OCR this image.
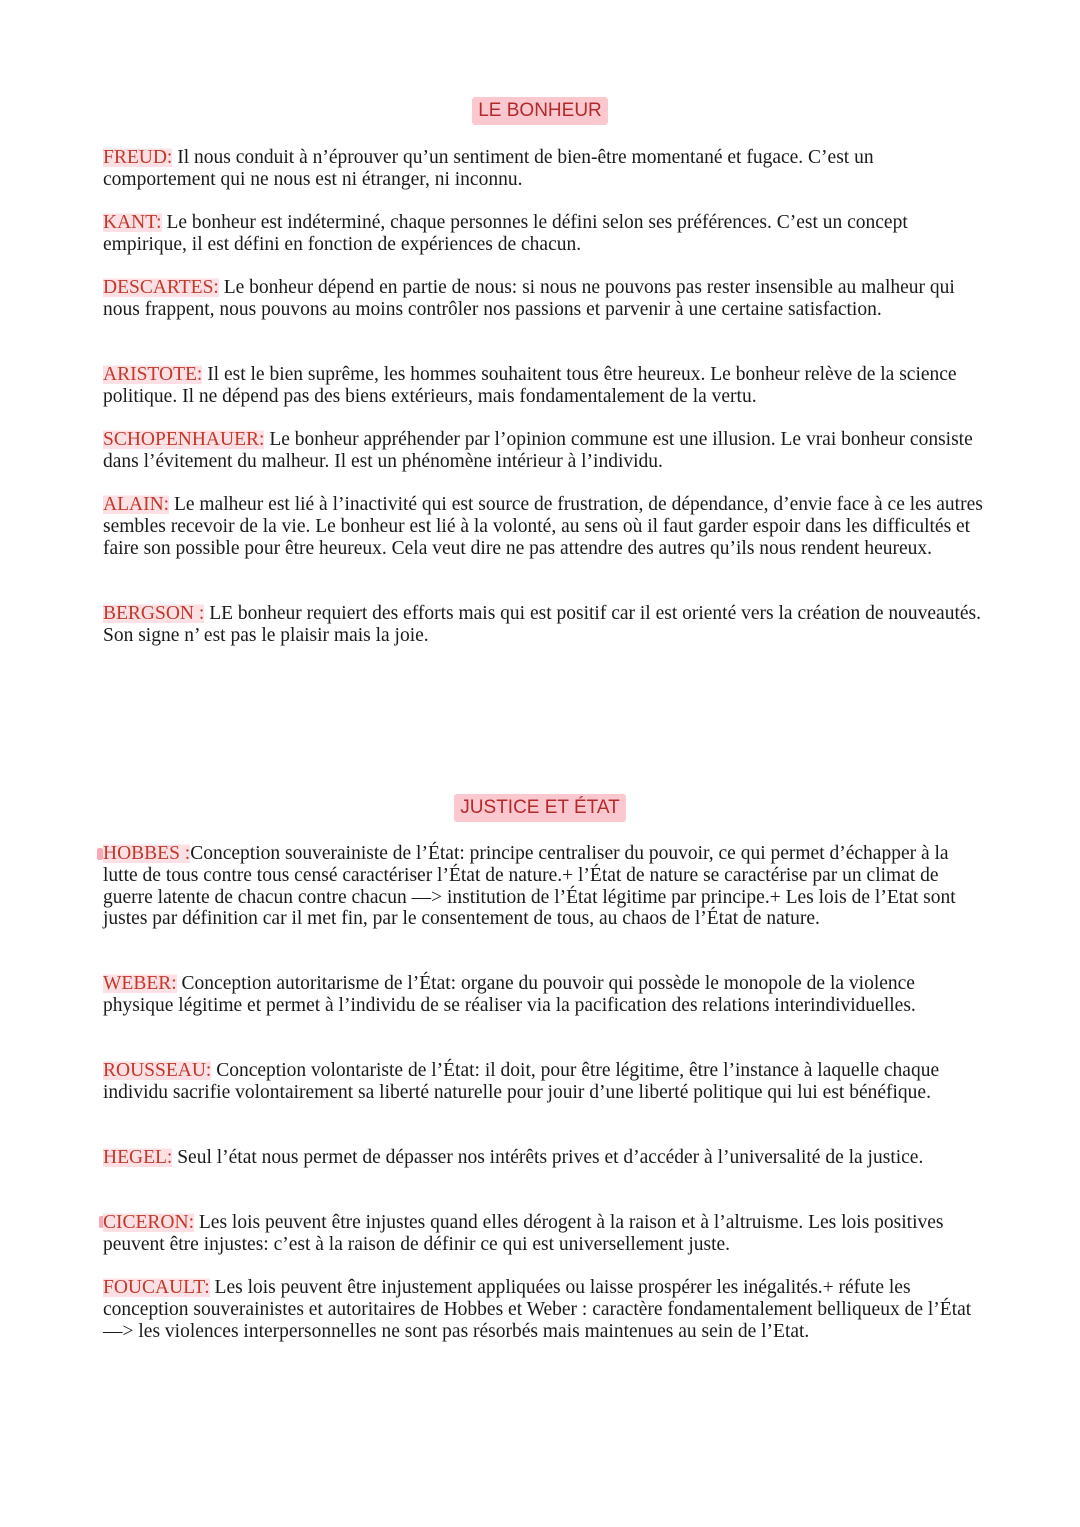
LE BONHEUR

FREUD: Il nous conduit à n’éprouver qu’un sentiment de bien-être momentané et fugace. C’est un comportement qui ne nous est ni étranger, ni inconnu.

KANT: Le bonheur est indéterminé, chaque personnes le défini selon ses préférences. C’est un concept empirique, il est défini en fonction de expériences de chacun.

DESCARTES: Le bonheur dépend en partie de nous: si nous ne pouvons pas rester insensible au malheur qui nous frappent, nous pouvons au moins contrôler nos passions et parvenir à une certaine satisfaction.

ARISTOTE: Il est le bien suprême, les hommes souhaitent tous être heureux. Le bonheur relève de la science politique. Il ne dépend pas des biens extérieurs, mais fondamentalement de la vertu.

SCHOPENHAUER: Le bonheur appréhender par l’opinion commune est une illusion. Le vrai bonheur consiste dans l’évitement du malheur. Il est un phénomène intérieur à l’individu.

ALAIN: Le malheur est lié à l’inactivité qui est source de frustration, de dépendance, d’envie face à ce les autres sembles recevoir de la vie. Le bonheur est lié à la volonté, au sens où il faut garder espoir dans les difficultés et faire son possible pour être heureux. Cela veut dire ne pas attendre des autres qu’ils nous rendent heureux.

BERGSON : LE bonheur requiert des efforts mais qui est positif car il est orienté vers la création de nouveautés. Son signe n’ est pas le plaisir mais la joie.

JUSTICE ET ÉTAT

HOBBES :Conception souverainiste de l’État: principe centraliser du pouvoir, ce qui permet d’échapper à la lutte de tous contre tous censé caractériser l’État de nature.+ l’État de nature se caractérise par un climat de guerre latente de chacun contre chacun —> institution de l’État légitime par principe.+ Les lois de l’Etat sont justes par définition car il met fin, par le consentement de tous, au chaos de l’État de nature.

WEBER: Conception autoritarisme de l’État: organe du pouvoir qui possède le monopole de la violence physique légitime et permet à l’individu de se réaliser via la pacification des relations interindividuelles.

ROUSSEAU: Conception volontariste de l’État: il doit, pour être légitime, être l’instance à laquelle chaque individu sacrifie volontairement sa liberté naturelle pour jouir d’une liberté politique qui lui est bénéfique.

HEGEL: Seul l’état nous permet de dépasser nos intérêts prives et d’accéder à l’universalité de la justice.

CICERON: Les lois peuvent être injustes quand elles dérogent à la raison et à l’altruisme. Les lois positives peuvent être injustes: c’est à la raison de définir ce qui est universellement juste.

FOUCAULT: Les lois peuvent être injustement appliquées ou laisse prospérer les inégalités.+ réfute les conception souverainistes et autoritaires de Hobbes et Weber : caractère fondamentalement belliqueux de l’État —> les violences interpersonnelles ne sont pas résorbés mais maintenues au sein de l’Etat.
